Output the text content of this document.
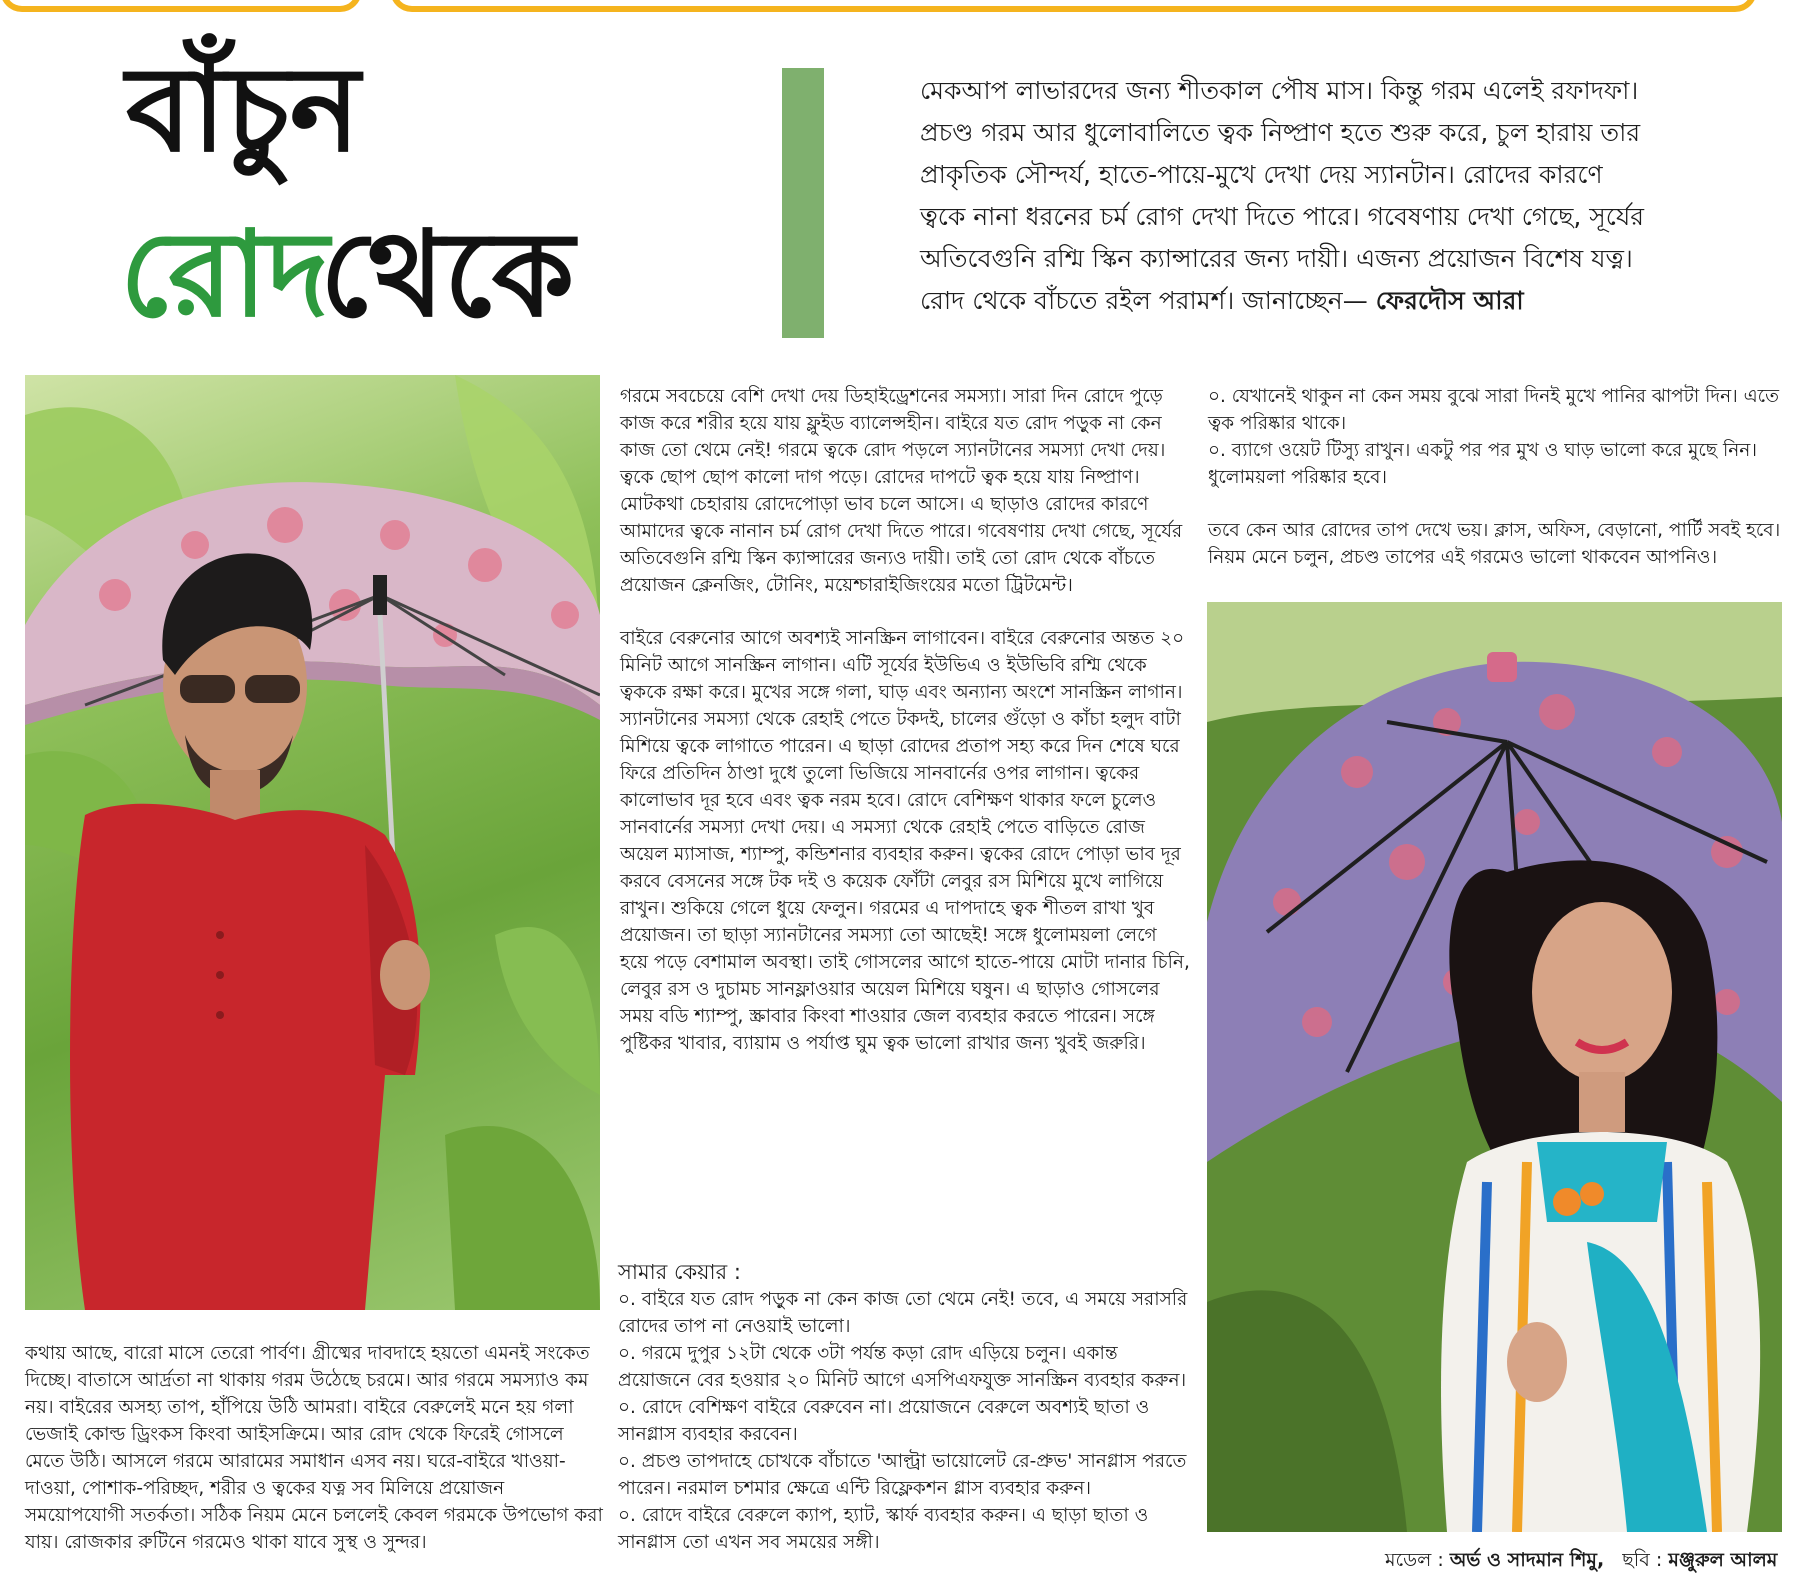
বাঁচুন
রোদ
থেকে

মেকআপ লাভারদের জন্য শীতকাল পৌষ মাস। কিন্তু গরম এলেই রফাদফা।

প্রচণ্ড গরম আর ধুলোবালিতে ত্বক নিষ্প্রাণ হতে শুরু করে, চুল হারায় তার

প্রাকৃতিক সৌন্দর্য, হাতে-পায়ে-মুখে দেখা দেয় স্যানটান। রোদের কারণে

ত্বকে নানা ধরনের চর্ম রোগ দেখা দিতে পারে। গবেষণায় দেখা গেছে, সূর্যের

অতিবেগুনি রশ্মি স্কিন ক্যান্সারের জন্য দায়ী। এজন্য প্রয়োজন বিশেষ যত্ন।

রোদ থেকে বাঁচতে রইল পরামর্শ। জানাচ্ছেন— ফেরদৌস আরা

গরমে সবচেয়ে বেশি দেখা দেয় ডিহাইড্রেশনের সমস্যা। সারা দিন রোদে পুড়ে কাজ করে শরীর হয়ে যায় ফ্লুইড ব্যালেন্সহীন। বাইরে যত রোদ পড়ুক না কেন কাজ তো থেমে নেই! গরমে ত্বকে রোদ পড়লে স্যানটানের সমস্যা দেখা দেয়। ত্বকে ছোপ ছোপ কালো দাগ পড়ে। রোদের দাপটে ত্বক হয়ে যায় নিষ্প্রাণ। মোটকথা চেহারায় রোদেপোড়া ভাব চলে আসে। এ ছাড়াও রোদের কারণে আমাদের ত্বকে নানান চর্ম রোগ দেখা দিতে পারে। গবেষণায় দেখা গেছে, সূর্যের অতিবেগুনি রশ্মি স্কিন ক্যান্সারের জন্যও দায়ী। তাই তো রোদ থেকে বাঁচতে প্রয়োজন ক্লেনজিং, টোনিং, ময়েশ্চারাইজিংয়ের মতো ট্রিটমেন্ট।

বাইরে বেরুনোর আগে অবশ্যই সানস্ক্রিন লাগাবেন। বাইরে বেরুনোর অন্তত ২০ মিনিট আগে সানস্ক্রিন লাগান। এটি সূর্যের ইউভিএ ও ইউভিবি রশ্মি থেকে ত্বককে রক্ষা করে। মুখের সঙ্গে গলা, ঘাড় এবং অন্যান্য অংশে সানস্ক্রিন লাগান। স্যানটানের সমস্যা থেকে রেহাই পেতে টকদই, চালের গুঁড়ো ও কাঁচা হলুদ বাটা মিশিয়ে ত্বকে লাগাতে পারেন। এ ছাড়া রোদের প্রতাপ সহ্য করে দিন শেষে ঘরে ফিরে প্রতিদিন ঠাণ্ডা দুধে তুলো ভিজিয়ে সানবার্নের ওপর লাগান। ত্বকের কালোভাব দূর হবে এবং ত্বক নরম হবে। রোদে বেশিক্ষণ থাকার ফলে চুলেও সানবার্নের সমস্যা দেখা দেয়। এ সমস্যা থেকে রেহাই পেতে বাড়িতে রোজ অয়েল ম্যাসাজ, শ্যাম্পু, কন্ডিশনার ব্যবহার করুন। ত্বকের রোদে পোড়া ভাব দূর করবে বেসনের সঙ্গে টক দই ও কয়েক ফোঁটা লেবুর রস মিশিয়ে মুখে লাগিয়ে রাখুন। শুকিয়ে গেলে ধুয়ে ফেলুন। গরমের এ দাপদাহে ত্বক শীতল রাখা খুব প্রয়োজন। তা ছাড়া স্যানটানের সমস্যা তো আছেই! সঙ্গে ধুলোময়লা লেগে হয়ে পড়ে বেশামাল অবস্থা। তাই গোসলের আগে হাতে-পায়ে মোটা দানার চিনি, লেবুর রস ও দুচামচ সানফ্লাওয়ার অয়েল মিশিয়ে ঘষুন। এ ছাড়াও গোসলের সময় বডি শ্যাম্পু, স্ক্রাবার কিংবা শাওয়ার জেল ব্যবহার করতে পারেন। সঙ্গে পুষ্টিকর খাবার, ব্যায়াম ও পর্যাপ্ত ঘুম ত্বক ভালো রাখার জন্য খুবই জরুরি।

সামার কেয়ার :

০. বাইরে যত রোদ পড়ুক না কেন কাজ তো থেমে নেই! তবে, এ সময়ে সরাসরি রোদের তাপ না নেওয়াই ভালো।

০. গরমে দুপুর ১২টা থেকে ৩টা পর্যন্ত কড়া রোদ এড়িয়ে চলুন। একান্ত প্রয়োজনে বের হওয়ার ২০ মিনিট আগে এসপিএফযুক্ত সানস্ক্রিন ব্যবহার করুন।

০. রোদে বেশিক্ষণ বাইরে বেরুবেন না। প্রয়োজনে বেরুলে অবশ্যই ছাতা ও সানগ্লাস ব্যবহার করবেন।

০. প্রচণ্ড তাপদাহে চোখকে বাঁচাতে 'আল্ট্রা ভায়োলেট রে-প্রুভ' সানগ্লাস পরতে পারেন। নরমাল চশমার ক্ষেত্রে এন্টি রিফ্লেকশন গ্লাস ব্যবহার করুন।

০. রোদে বাইরে বেরুলে ক্যাপ, হ্যাট, স্কার্ফ ব্যবহার করুন। এ ছাড়া ছাতা ও সানগ্লাস তো এখন সব সময়ের সঙ্গী।

০. যেখানেই থাকুন না কেন সময় বুঝে সারা দিনই মুখে পানির ঝাপটা দিন। এতে ত্বক পরিষ্কার থাকে।

০. ব্যাগে ওয়েট টিস্যু রাখুন। একটু পর পর মুখ ও ঘাড় ভালো করে মুছে নিন। ধুলোময়লা পরিষ্কার হবে।

তবে কেন আর রোদের তাপ দেখে ভয়। ক্লাস, অফিস, বেড়ানো, পার্টি সবই হবে। নিয়ম মেনে চলুন, প্রচণ্ড তাপের এই গরমেও ভালো থাকবেন আপনিও।

কথায় আছে, বারো মাসে তেরো পার্বণ। গ্রীষ্মের দাবদাহে হয়তো এমনই সংকেত দিচ্ছে। বাতাসে আর্দ্রতা না থাকায় গরম উঠেছে চরমে। আর গরমে সমস্যাও কম নয়। বাইরের অসহ্য তাপ, হাঁপিয়ে উঠি আমরা। বাইরে বেরুলেই মনে হয় গলা ভেজাই কোল্ড ড্রিংকস কিংবা আইসক্রিমে। আর রোদ থেকে ফিরেই গোসলে মেতে উঠি। আসলে গরমে আরামের সমাধান এসব নয়। ঘরে-বাইরে খাওয়া-দাওয়া, পোশাক-পরিচ্ছদ, শরীর ও ত্বকের যত্ন সব মিলিয়ে প্রয়োজন সময়োপযোগী সতর্কতা। সঠিক নিয়ম মেনে চললেই কেবল গরমকে উপভোগ করা যায়। রোজকার রুটিনে গরমেও থাকা যাবে সুস্থ ও সুন্দর।

মডেল : অর্ভ ও সাদমান শিমু, ছবি : মঞ্জুরুল আলম
